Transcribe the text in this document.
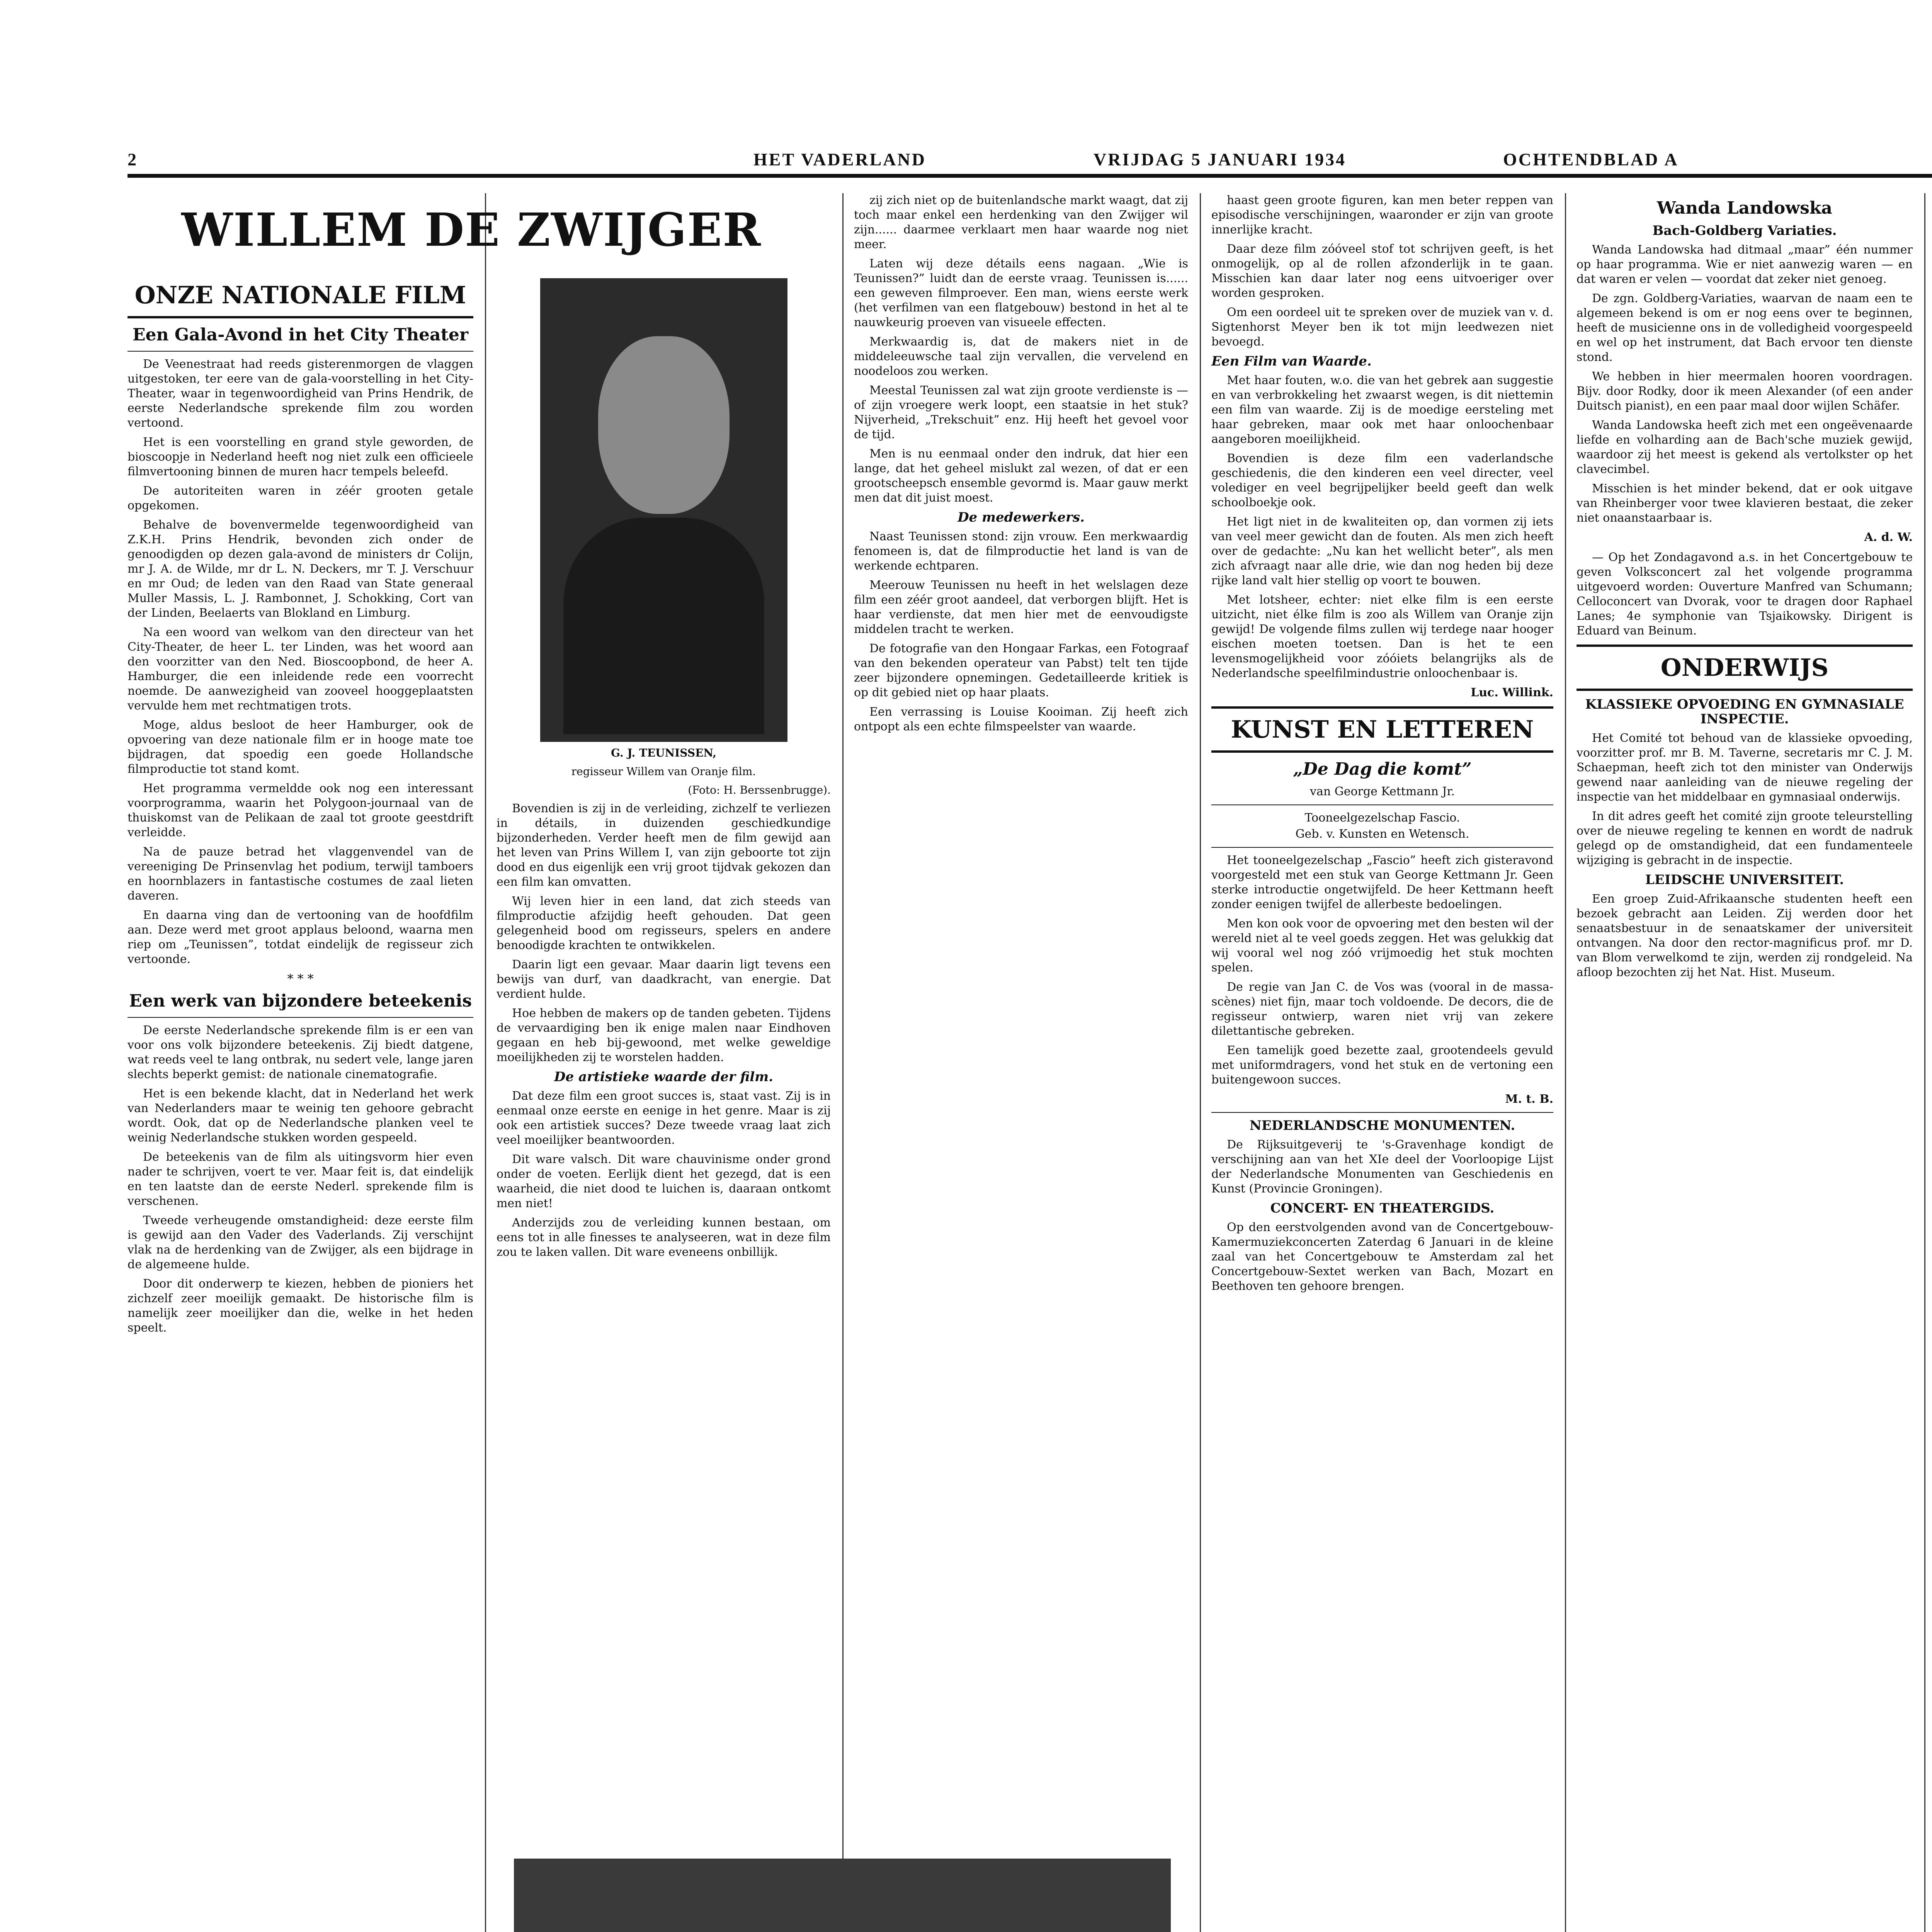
2	HET VADERLAND	VRIJDAG 5 JANUARI 1934	OCHTENDBLAD A
WILLEM DE ZWIJGER
ONZE NATIONALE FILM
Een Gala-Avond in het City Theater

De Veenestraat had reeds gisterenmorgen de vlaggen uitgestoken, ter eere van de gala-voorstelling in het City-Theater, waar in tegenwoordigheid van Prins Hendrik, de eerste Nederlandsche sprekende film zou worden vertoond.

Het is een voorstelling en grand style geworden, de bioscoopje in Nederland heeft nog niet zulk een officieele filmvertooning binnen de muren hacr tempels beleefd.

De autoriteiten waren in zéér grooten getale opgekomen.

Behalve de bovenvermelde tegenwoordigheid van Z.K.H. Prins Hendrik, bevonden zich onder de genoodigden op dezen gala-avond de ministers dr Colijn, mr J. A. de Wilde, mr dr L. N. Deckers, mr T. J. Verschuur en mr Oud; de leden van den Raad van State generaal Muller Massis, L. J. Rambonnet, J. Schokking, Cort van der Linden, Beelaerts van Blokland en Limburg.

Na een woord van welkom van den directeur van het City-Theater, de heer L. ter Linden, was het woord aan den voorzitter van den Ned. Bioscoopbond, de heer A. Hamburger, die een inleidende rede een voorrecht noemde. De aanwezigheid van zooveel hooggeplaatsten vervulde hem met rechtmatigen trots.

Moge, aldus besloot de heer Hamburger, ook de opvoering van deze nationale film er in hooge mate toe bijdragen, dat spoedig een goede Hollandsche filmproductie tot stand komt.

Het programma vermeldde ook nog een interessant voorprogramma, waarin het Polygoon-journaal van de thuiskomst van de Pelikaan de zaal tot groote geestdrift verleidde.

Na de pauze betrad het vlaggenvendel van de vereeniging De Prinsenvlag het podium, terwijl tamboers en hoornblazers in fantastische costumes de zaal lieten daveren.

En daarna ving dan de vertooning van de hoofdfilm aan. Deze werd met groot applaus beloond, waarna men riep om „Teunissen”, totdat eindelijk de regisseur zich vertoonde.

* * *
Een werk van bijzondere beteekenis

De eerste Nederlandsche sprekende film is er een van voor ons volk bijzondere beteekenis. Zij biedt datgene, wat reeds veel te lang ontbrak, nu sedert vele, lange jaren slechts beperkt gemist: de nationale cinematografie.

Het is een bekende klacht, dat in Nederland het werk van Nederlanders maar te weinig ten gehoore gebracht wordt. Ook, dat op de Nederlandsche planken veel te weinig Nederlandsche stukken worden gespeeld.

De beteekenis van de film als uitingsvorm hier even nader te schrijven, voert te ver. Maar feit is, dat eindelijk en ten laatste dan de eerste Nederl. sprekende film is verschenen.

Tweede verheugende omstandigheid: deze eerste film is gewijd aan den Vader des Vaderlands. Zij verschijnt vlak na de herdenking van de Zwijger, als een bijdrage in de algemeene hulde.

Door dit onderwerp te kiezen, hebben de pioniers het zichzelf zeer moeilijk gemaakt. De historische film is namelijk zeer moeilijker dan die, welke in het heden speelt.

G. J. TEUNISSEN,
regisseur Willem van Oranje film.
(Foto: H. Berssenbrugge).

Bovendien is zij in de verleiding, zichzelf te verliezen in détails, in duizenden geschiedkundige bijzonderheden. Verder heeft men de film gewijd aan het leven van Prins Willem I, van zijn geboorte tot zijn dood en dus eigenlijk een vrij groot tijdvak gekozen dan een film kan omvatten.

Wij leven hier in een land, dat zich steeds van filmproductie afzijdig heeft gehouden. Dat geen gelegenheid bood om regisseurs, spelers en andere benoodigde krachten te ontwikkelen.

Daarin ligt een gevaar. Maar daarin ligt tevens een bewijs van durf, van daadkracht, van energie. Dat verdient hulde.

Hoe hebben de makers op de tanden gebeten. Tijdens de vervaardiging ben ik enige malen naar Eindhoven gegaan en heb bij-gewoond, met welke geweldige moeilijkheden zij te worstelen hadden.

De artistieke waarde der film.

Dat deze film een groot succes is, staat vast. Zij is in eenmaal onze eerste en eenige in het genre. Maar is zij ook een artistiek succes? Deze tweede vraag laat zich veel moeilijker beantwoorden.

Dit ware valsch. Dit ware chauvinisme onder grond onder de voeten. Eerlijk dient het gezegd, dat is een waarheid, die niet dood te luichen is, daaraan ontkomt men niet!

Anderzijds zou de verleiding kunnen bestaan, om eens tot in alle finesses te analyseeren, wat in deze film zou te laken vallen. Dit ware eveneens onbillijk.

zij zich niet op de buitenlandsche markt waagt, dat zij toch maar enkel een herdenking van den Zwijger wil zijn...... daarmee verklaart men haar waarde nog niet meer.

Laten wij deze détails eens nagaan. „Wie is Teunissen?” luidt dan de eerste vraag. Teunissen is...... een geweven filmproever. Een man, wiens eerste werk (het verfilmen van een flatgebouw) bestond in het al te nauwkeurig proeven van visueele effecten.

Merkwaardig is, dat de makers niet in de middeleeuwsche taal zijn vervallen, die vervelend en noodeloos zou werken.

Meestal Teunissen zal wat zijn groote verdienste is — of zijn vroegere werk loopt, een staatsie in het stuk? Nijverheid, „Trekschuit” enz. Hij heeft het gevoel voor de tijd.

Men is nu eenmaal onder den indruk, dat hier een lange, dat het geheel mislukt zal wezen, of dat er een grootscheepsch ensemble gevormd is. Maar gauw merkt men dat dit juist moest.

De medewerkers.

Naast Teunissen stond: zijn vrouw. Een merkwaardig fenomeen is, dat de filmproductie het land is van de werkende echtparen.

Meerouw Teunissen nu heeft in het welslagen deze film een zéér groot aandeel, dat verborgen blijft. Het is haar verdienste, dat men hier met de eenvoudigste middelen tracht te werken.

De fotografie van den Hongaar Farkas, een Fotograaf van den bekenden operateur van Pabst) telt ten tijde zeer bijzondere opnemingen. Gedetailleerde kritiek is op dit gebied niet op haar plaats.

Een verrassing is Louise Kooiman. Zij heeft zich ontpopt als een echte filmspeelster van waarde.

haast geen groote figuren, kan men beter reppen van episodische verschijningen, waaronder er zijn van groote innerlijke kracht.

Daar deze film zóóveel stof tot schrijven geeft, is het onmogelijk, op al de rollen afzonderlijk in te gaan. Misschien kan daar later nog eens uitvoeriger over worden gesproken.

Om een oordeel uit te spreken over de muziek van v. d. Sigtenhorst Meyer ben ik tot mijn leedwezen niet bevoegd.

Een Film van Waarde.

Met haar fouten, w.o. die van het gebrek aan suggestie en van verbrokkeling het zwaarst wegen, is dit niettemin een film van waarde. Zij is de moedige eersteling met haar gebreken, maar ook met haar onloochenbaar aangeboren moeilijkheid.

Bovendien is deze film een vaderlandsche geschiedenis, die den kinderen een veel directer, veel volediger en veel begrijpelijker beeld geeft dan welk schoolboekje ook.

Het ligt niet in de kwaliteiten op, dan vormen zij iets van veel meer gewicht dan de fouten. Als men zich heeft over de gedachte: „Nu kan het wellicht beter”, als men zich afvraagt naar alle drie, wie dan nog heden bij deze rijke land valt hier stellig op voort te bouwen.

Met lotsheer, echter: niet elke film is een eerste uitzicht, niet élke film is zoo als Willem van Oranje zijn gewijd! De volgende films zullen wij terdege naar hooger eischen moeten toetsen. Dan is het te een levensmogelijkheid voor zóóiets belangrijks als de Nederlandsche speelfilmindustrie onloochenbaar is.

Luc. Willink.
KUNST EN LETTEREN
„De Dag die komt”
van George Kettmann Jr.
Tooneelgezelschap Fascio.
Geb. v. Kunsten en Wetensch.

Het tooneelgezelschap „Fascio” heeft zich gisteravond voorgesteld met een stuk van George Kettmann Jr. Geen sterke introductie ongetwijfeld. De heer Kettmann heeft zonder eenigen twijfel de allerbeste bedoelingen.

Men kon ook voor de opvoering met den besten wil der wereld niet al te veel goeds zeggen. Het was gelukkig dat wij vooral wel nog zóó vrijmoedig het stuk mochten spelen.

De regie van Jan C. de Vos was (vooral in de massa-scènes) niet fijn, maar toch voldoende. De decors, die de regisseur ontwierp, waren niet vrij van zekere dilettantische gebreken.

Een tamelijk goed bezette zaal, grootendeels gevuld met uniformdragers, vond het stuk en de vertoning een buitengewoon succes.

M. t. B.
NEDERLANDSCHE MONUMENTEN.

De Rijksuitgeverij te 's-Gravenhage kondigt de verschijning aan van het XIe deel der Voorloopige Lijst der Nederlandsche Monumenten van Geschiedenis en Kunst (Provincie Groningen).

CONCERT- EN THEATERGIDS.

Op den eerstvolgenden avond van de Concertgebouw-Kamermuziekconcerten Zaterdag 6 Januari in de kleine zaal van het Concertgebouw te Amsterdam zal het Concertgebouw-Sextet werken van Bach, Mozart en Beethoven ten gehoore brengen.

Wanda Landowska
Bach-Goldberg Variaties.

Wanda Landowska had ditmaal „maar” één nummer op haar programma. Wie er niet aanwezig waren — en dat waren er velen — voordat dat zeker niet genoeg.

De zgn. Goldberg-Variaties, waarvan de naam een te algemeen bekend is om er nog eens over te beginnen, heeft de musicienne ons in de volledigheid voorgespeeld en wel op het instrument, dat Bach ervoor ten dienste stond.

We hebben in hier meermalen hooren voordragen. Bijv. door Rodky, door ik meen Alexander (of een ander Duitsch pianist), en een paar maal door wijlen Schäfer.

Wanda Landowska heeft zich met een ongeëvenaarde liefde en volharding aan de Bach'sche muziek gewijd, waardoor zij het meest is gekend als vertolkster op het clavecimbel.

Misschien is het minder bekend, dat er ook uitgave van Rheinberger voor twee klavieren bestaat, die zeker niet onaanstaarbaar is.

A. d. W.

— Op het Zondagavond a.s. in het Concertgebouw te geven Volksconcert zal het volgende programma uitgevoerd worden: Ouverture Manfred van Schumann; Celloconcert van Dvorak, voor te dragen door Raphael Lanes; 4e symphonie van Tsjaikowsky. Dirigent is Eduard van Beinum.

ONDERWIJS
KLASSIEKE OPVOEDING EN GYMNASIALE INSPECTIE.

Het Comité tot behoud van de klassieke opvoeding, voorzitter prof. mr B. M. Taverne, secretaris mr C. J. M. Schaepman, heeft zich tot den minister van Onderwijs gewend naar aanleiding van de nieuwe regeling der inspectie van het middelbaar en gymnasiaal onderwijs.

In dit adres geeft het comité zijn groote teleurstelling over de nieuwe regeling te kennen en wordt de nadruk gelegd op de omstandigheid, dat een fundamenteele wijziging is gebracht in de inspectie.

LEIDSCHE UNIVERSITEIT.

Een groep Zuid-Afrikaansche studenten heeft een bezoek gebracht aan Leiden. Zij werden door het senaatsbestuur in de senaatskamer der universiteit ontvangen. Na door den rector-magnificus prof. mr D. van Blom verwelkomd te zijn, werden zij rondgeleid. Na afloop bezochten zij het Nat. Hist. Museum.
